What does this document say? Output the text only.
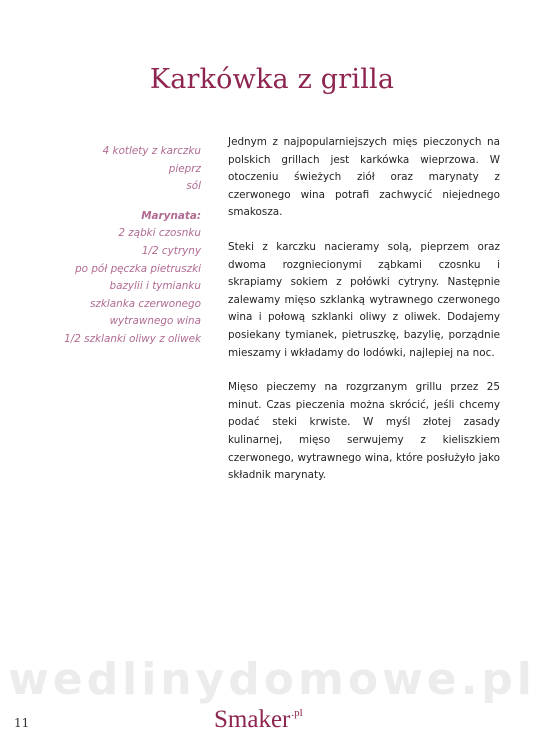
Karkówka z grilla
4 kotlety z karczku
pieprz
sól
Marynata:
2 ząbki czosnku
1/2 cytryny
po pół pęczka pietruszki
bazylii i tymianku
szklanka czerwonego
wytrawnego wina
1/2 szklanki oliwy z oliwek

Jednym z najpopularniejszych mięs pieczonych na polskich grillach jest karkówka wieprzowa. W otoczeniu świeżych ziół oraz marynaty z czerwonego wina potrafi zachwycić niejednego smakosza.

Steki z karczku nacieramy solą, pieprzem oraz dwoma rozgniecionymi ząbkami czosnku i skrapiamy sokiem z połówki cytryny. Następnie zalewamy mięso szklanką wytrawnego czerwonego wina i połową szklanki oliwy z oliwek. Dodajemy posiekany tymianek, pietruszkę, bazylię, porządnie mieszamy i wkładamy do lodówki, najlepiej na noc.

Mięso pieczemy na rozgrzanym grillu przez 25 minut. Czas pieczenia można skrócić, jeśli chcemy podać steki krwiste. W myśl złotej zasady kulinarnej, mięso serwujemy z kieliszkiem czerwonego, wytrawnego wina, które posłużyło jako składnik marynaty.

wedlinydomowe.pl
11	Smaker .pl
